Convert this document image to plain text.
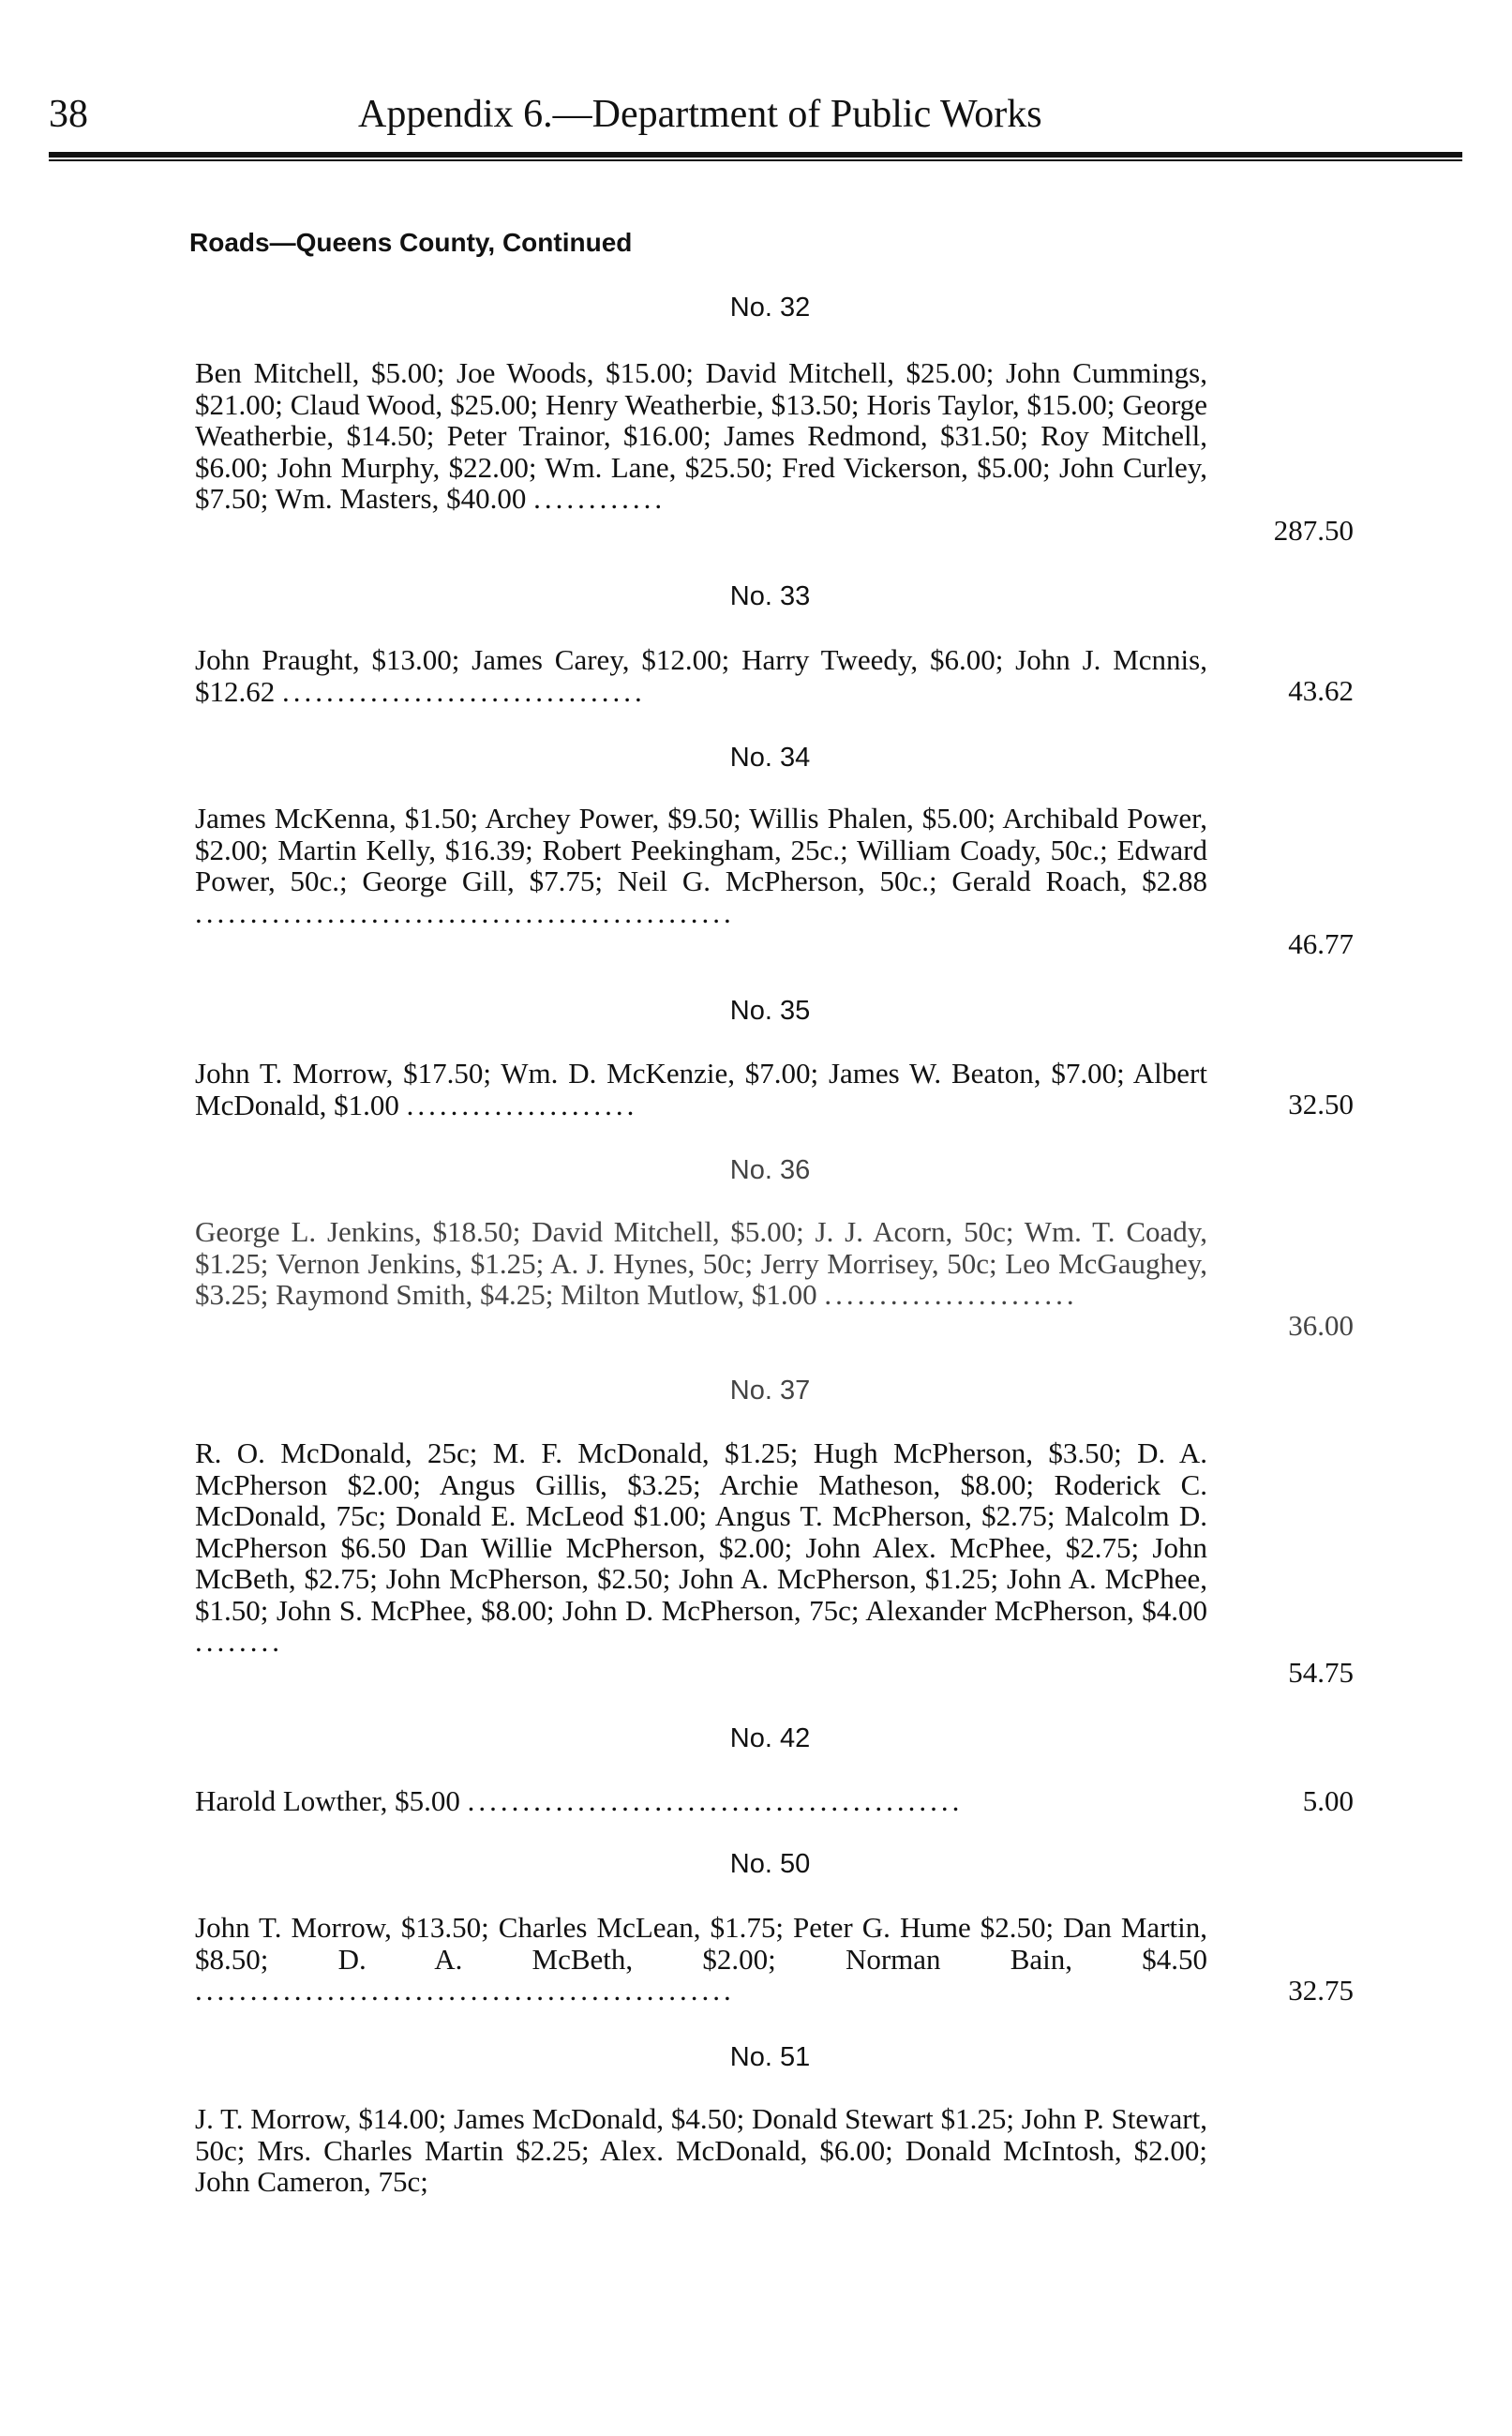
38	Appendix 6.—Department of Public Works
Roads—Queens County, Continued
No. 32
Ben Mitchell, $5.00; Joe Woods, $15.00; David Mitchell, $25.00; John Cummings, $21.00; Claud Wood, $25.00; Henry Weatherbie, $13.50; Horis Taylor, $15.00; George Weatherbie, $14.50; Peter Trainor, $16.00; James Redmond, $31.50; Roy Mitchell, $6.00; John Murphy, $22.00; Wm. Lane, $25.50; Fred Vickerson, $5.00; John Curley, $7.50; Wm. Masters, $40.00 ............
287.50
No. 33
John Praught, $13.00; James Carey, $12.00; Harry Tweedy, $6.00; John J. Mcnnis, $12.62 .................................	43.62
No. 34
James McKenna, $1.50; Archey Power, $9.50; Willis Phalen, $5.00; Archibald Power, $2.00; Martin Kelly, $16.39; Robert Peekingham, 25c.; William Coady, 50c.; Edward Power, 50c.; George Gill, $7.75; Neil G. McPherson, 50c.; Gerald Roach, $2.88 .................................................
46.77
No. 35
John T. Morrow, $17.50; Wm. D. McKenzie, $7.00; James W. Beaton, $7.00; Albert McDonald, $1.00 .....................	32.50
No. 36
George L. Jenkins, $18.50; David Mitchell, $5.00; J. J. Acorn, 50c; Wm. T. Coady, $1.25; Vernon Jenkins, $1.25; A. J. Hynes, 50c; Jerry Morrisey, 50c; Leo McGaughey, $3.25; Raymond Smith, $4.25; Milton Mutlow, $1.00 .......................
36.00
No. 37
R. O. McDonald, 25c; M. F. McDonald, $1.25; Hugh McPherson, $3.50; D. A. McPherson $2.00; Angus Gillis, $3.25; Archie Matheson, $8.00; Roderick C. McDonald, 75c; Donald E. McLeod $1.00; Angus T. McPherson, $2.75; Malcolm D. McPherson $6.50 Dan Willie McPherson, $2.00; John Alex. McPhee, $2.75; John McBeth, $2.75; John McPherson, $2.50; John A. McPherson, $1.25; John A. McPhee, $1.50; John S. McPhee, $8.00; John D. McPherson, 75c; Alexander McPherson, $4.00 ........
54.75
No. 42
Harold Lowther, $5.00 .............................................	5.00
No. 50
John T. Morrow, $13.50; Charles McLean, $1.75; Peter G. Hume $2.50; Dan Martin, $8.50; D. A. McBeth, $2.00; Norman Bain, $4.50 .................................................	32.75
No. 51
J. T. Morrow, $14.00; James McDonald, $4.50; Donald Stewart $1.25; John P. Stewart, 50c; Mrs. Charles Martin $2.25; Alex. McDonald, $6.00; Donald McIntosh, $2.00; John Cameron, 75c;
